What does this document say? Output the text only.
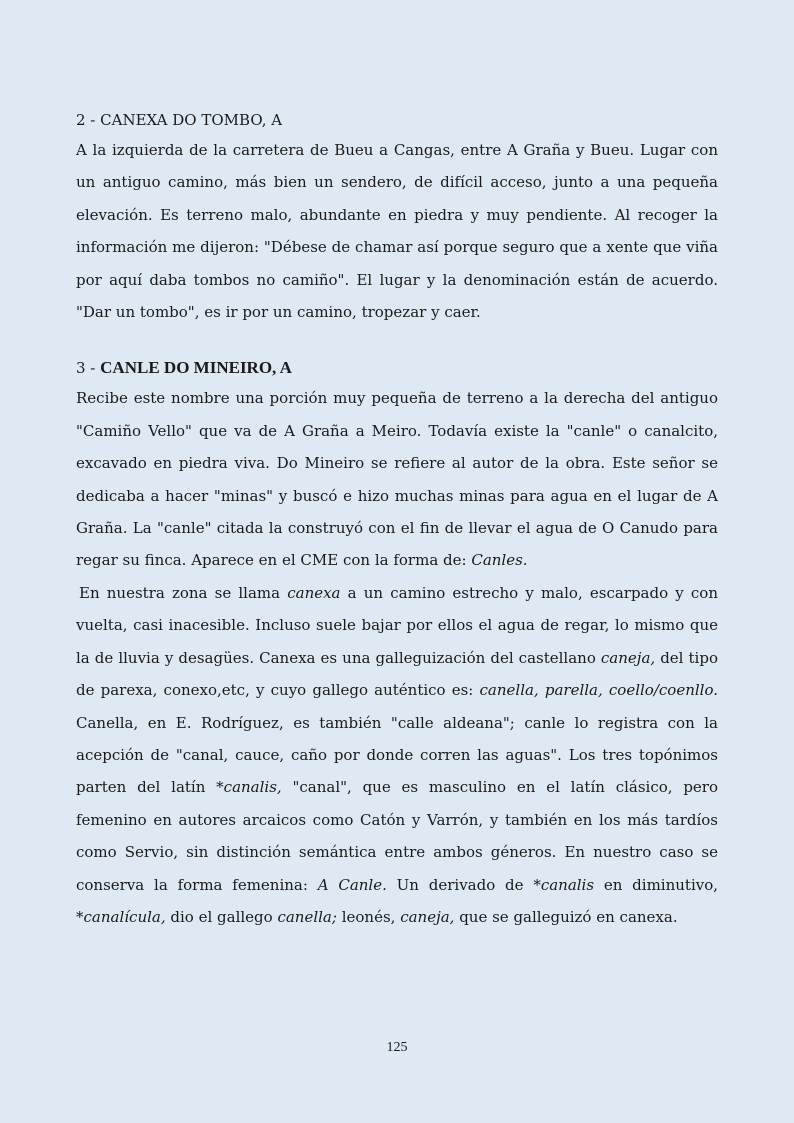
2 - CANEXA DO TOMBO, A

A la izquierda de la carretera de Bueu a Cangas, entre A Graña y Bueu. Lugar con un antiguo camino, más bien un sendero, de difícil acceso, junto a una pequeña elevación. Es terreno malo, abundante en piedra y muy pendiente. Al recoger la información me dijeron: "Débese de chamar así porque seguro que a xente que viña por aquí daba tombos no camiño". El lugar y la denominación están de acuerdo. "Dar un tombo", es ir por un camino, tropezar y caer.

3 - CANLE DO MINEIRO, A

Recibe este nombre una porción muy pequeña de terreno a la derecha del antiguo "Camiño Vello" que va de A Graña a Meiro. Todavía existe la "canle" o canalcito, excavado en piedra viva. Do Mineiro se refiere al autor de la obra. Este señor se dedicaba a hacer "minas" y buscó e hizo muchas minas para agua en el lugar de A Graña. La "canle" citada la construyó con el fin de llevar el agua de O Canudo para regar su finca. Aparece en el CME con la forma de: Canles.

En nuestra zona se llama canexa a un camino estrecho y malo, escarpado y con vuelta, casi inacesible. Incluso suele bajar por ellos el agua de regar, lo mismo que la de lluvia y desagües. Canexa es una galleguización del castellano caneja, del tipo de parexa, conexo,etc, y cuyo gallego auténtico es: canella, parella, coello/coenllo. Canella, en E. Rodríguez, es también "calle aldeana"; canle lo registra con la acepción de "canal, cauce, caño por donde corren las aguas". Los tres topónimos parten del latín *canalis, "canal", que es masculino en el latín clásico, pero femenino en autores arcaicos como Catón y Varrón, y también en los más tardíos como Servio, sin distinción semántica entre ambos géneros. En nuestro caso se conserva la forma femenina: A Canle. Un derivado de *canalis en diminutivo, *canalícula, dio el gallego canella; leonés, caneja, que se galleguizó en canexa.

125
